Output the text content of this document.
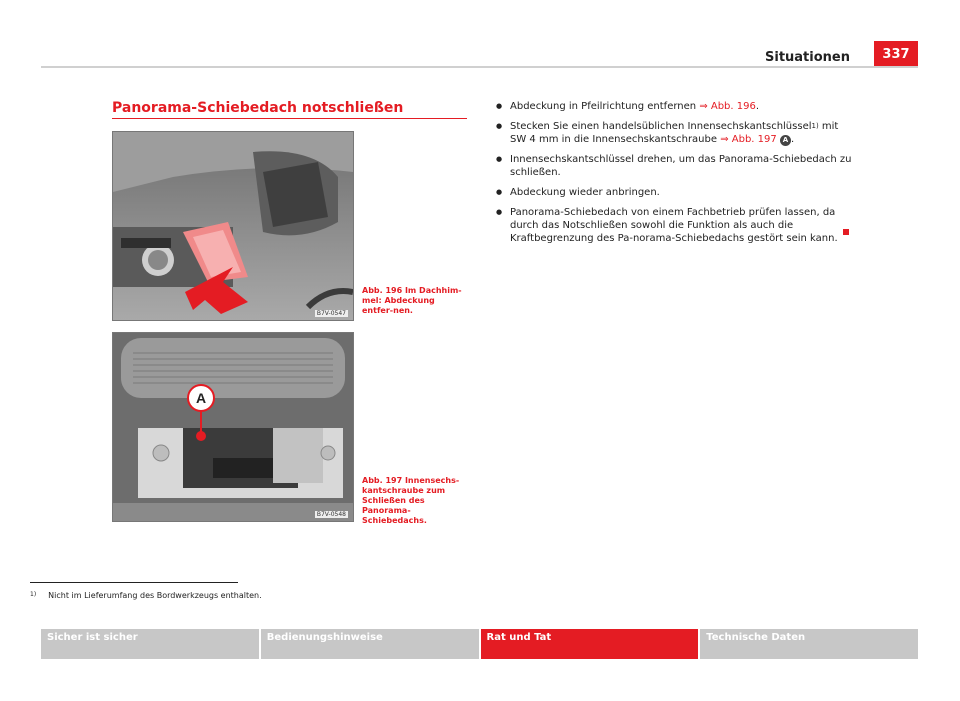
Situationen	337
Panorama-Schiebedach notschließen
B7V-0547
Abb. 196 Im Dachhim-mel: Abdeckung entfer-nen.
A
B7V-0548
Abb. 197 Innensechs-kantschraube zum Schließen des Panorama-Schiebedachs.
● Abdeckung in Pfeilrichtung entfernen ⇒ Abb. 196.
● Stecken Sie einen handelsüblichen Innensechskantschlüssel$^{1)}$ mit SW 4 mm in die Innensechskantschraube ⇒ Abb. 197 A .
● Innensechskantschlüssel drehen, um das Panorama-Schiebedach zu schließen.
● Abdeckung wieder anbringen.
● Panorama-Schiebedach von einem Fachbetrieb prüfen lassen, da durch das Notschließen sowohl die Funktion als auch die Kraftbegrenzung des Pa-norama-Schiebedachs gestört sein kann.
$^{1)}$ Nicht im Lieferumfang des Bordwerkzeugs enthalten.
Sicher ist sicher	Bedienungshinweise	Rat und Tat	Technische Daten
